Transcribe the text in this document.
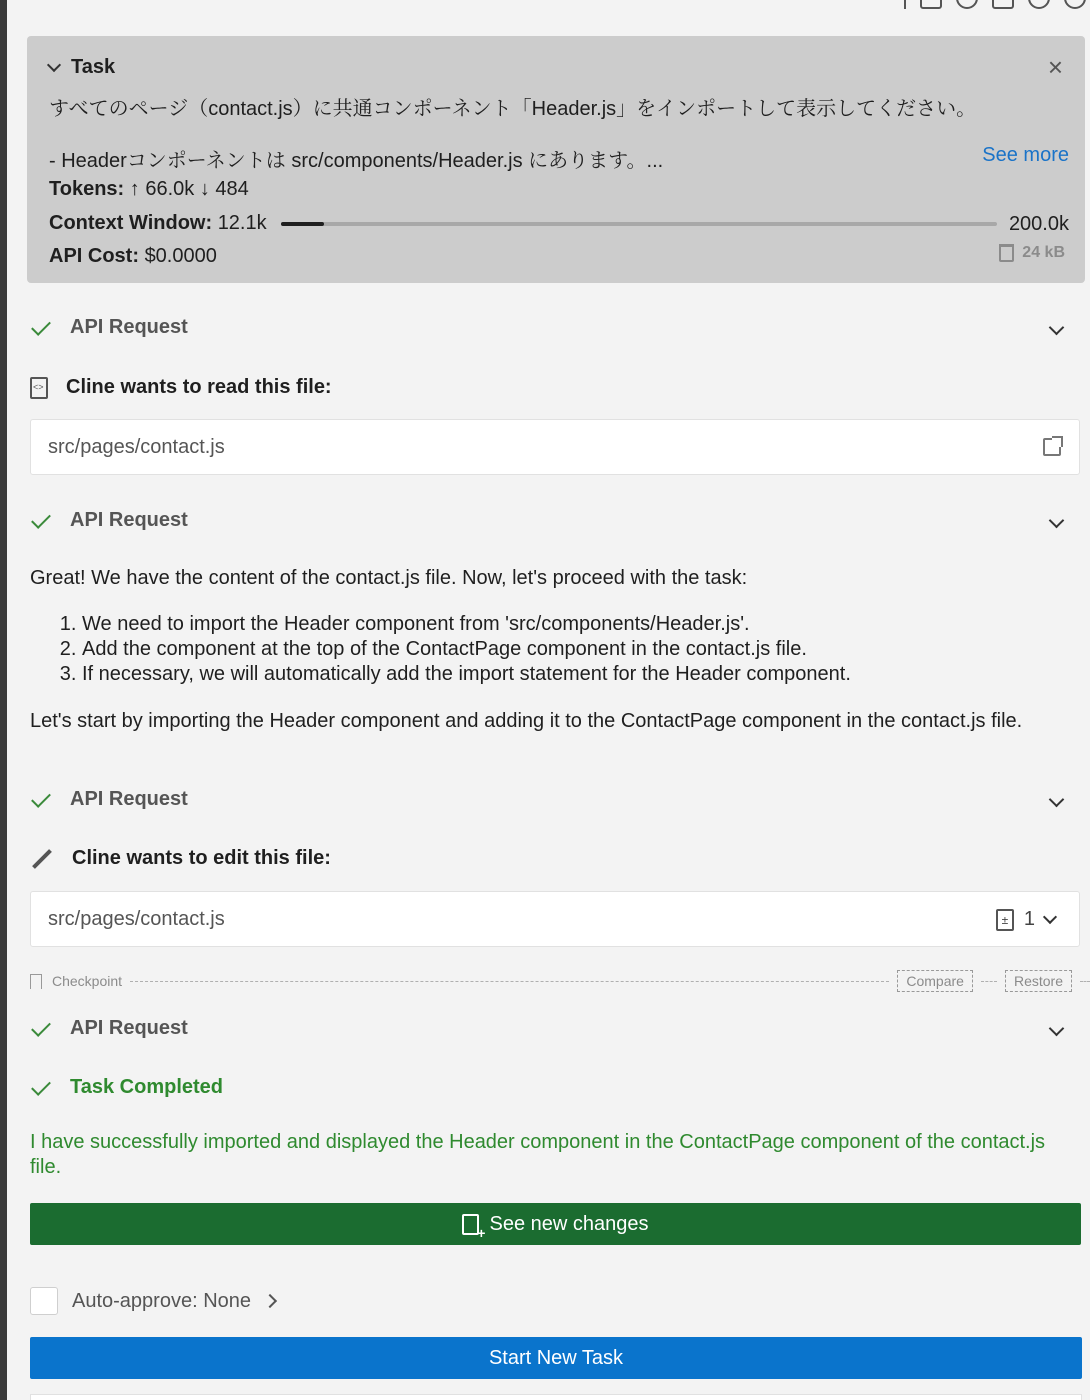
Task	×
すべてのページ（contact.js）に共通コンポーネント「Header.js」をインポートして表示してください。
- Headerコンポーネントは src/components/Header.js にあります。...	See more
Tokens: ↑ 66.0k ↓ 484
Context Window: 12.1k	200.0k
API Cost: $0.0000	24 kB
API Request
<>
Cline wants to read this file:
src/pages/contact.js
API Request
Great! We have the content of the contact.js file. Now, let's proceed with the task:
1. We need to import the Header component from 'src/components/Header.js'.
2. Add the component at the top of the ContactPage component in the contact.js file.
3. If necessary, we will automatically add the import statement for the Header component.
Let's start by importing the Header component and adding it to the ContactPage component in the contact.js file.
API Request
Cline wants to edit this file:
src/pages/contact.js	± 1
Checkpoint	Compare	Restore
API Request
Task Completed
I have successfully imported and displayed the Header component in the ContactPage component of the contact.js file.
+
See new changes
Auto-approve: None
Start New Task
